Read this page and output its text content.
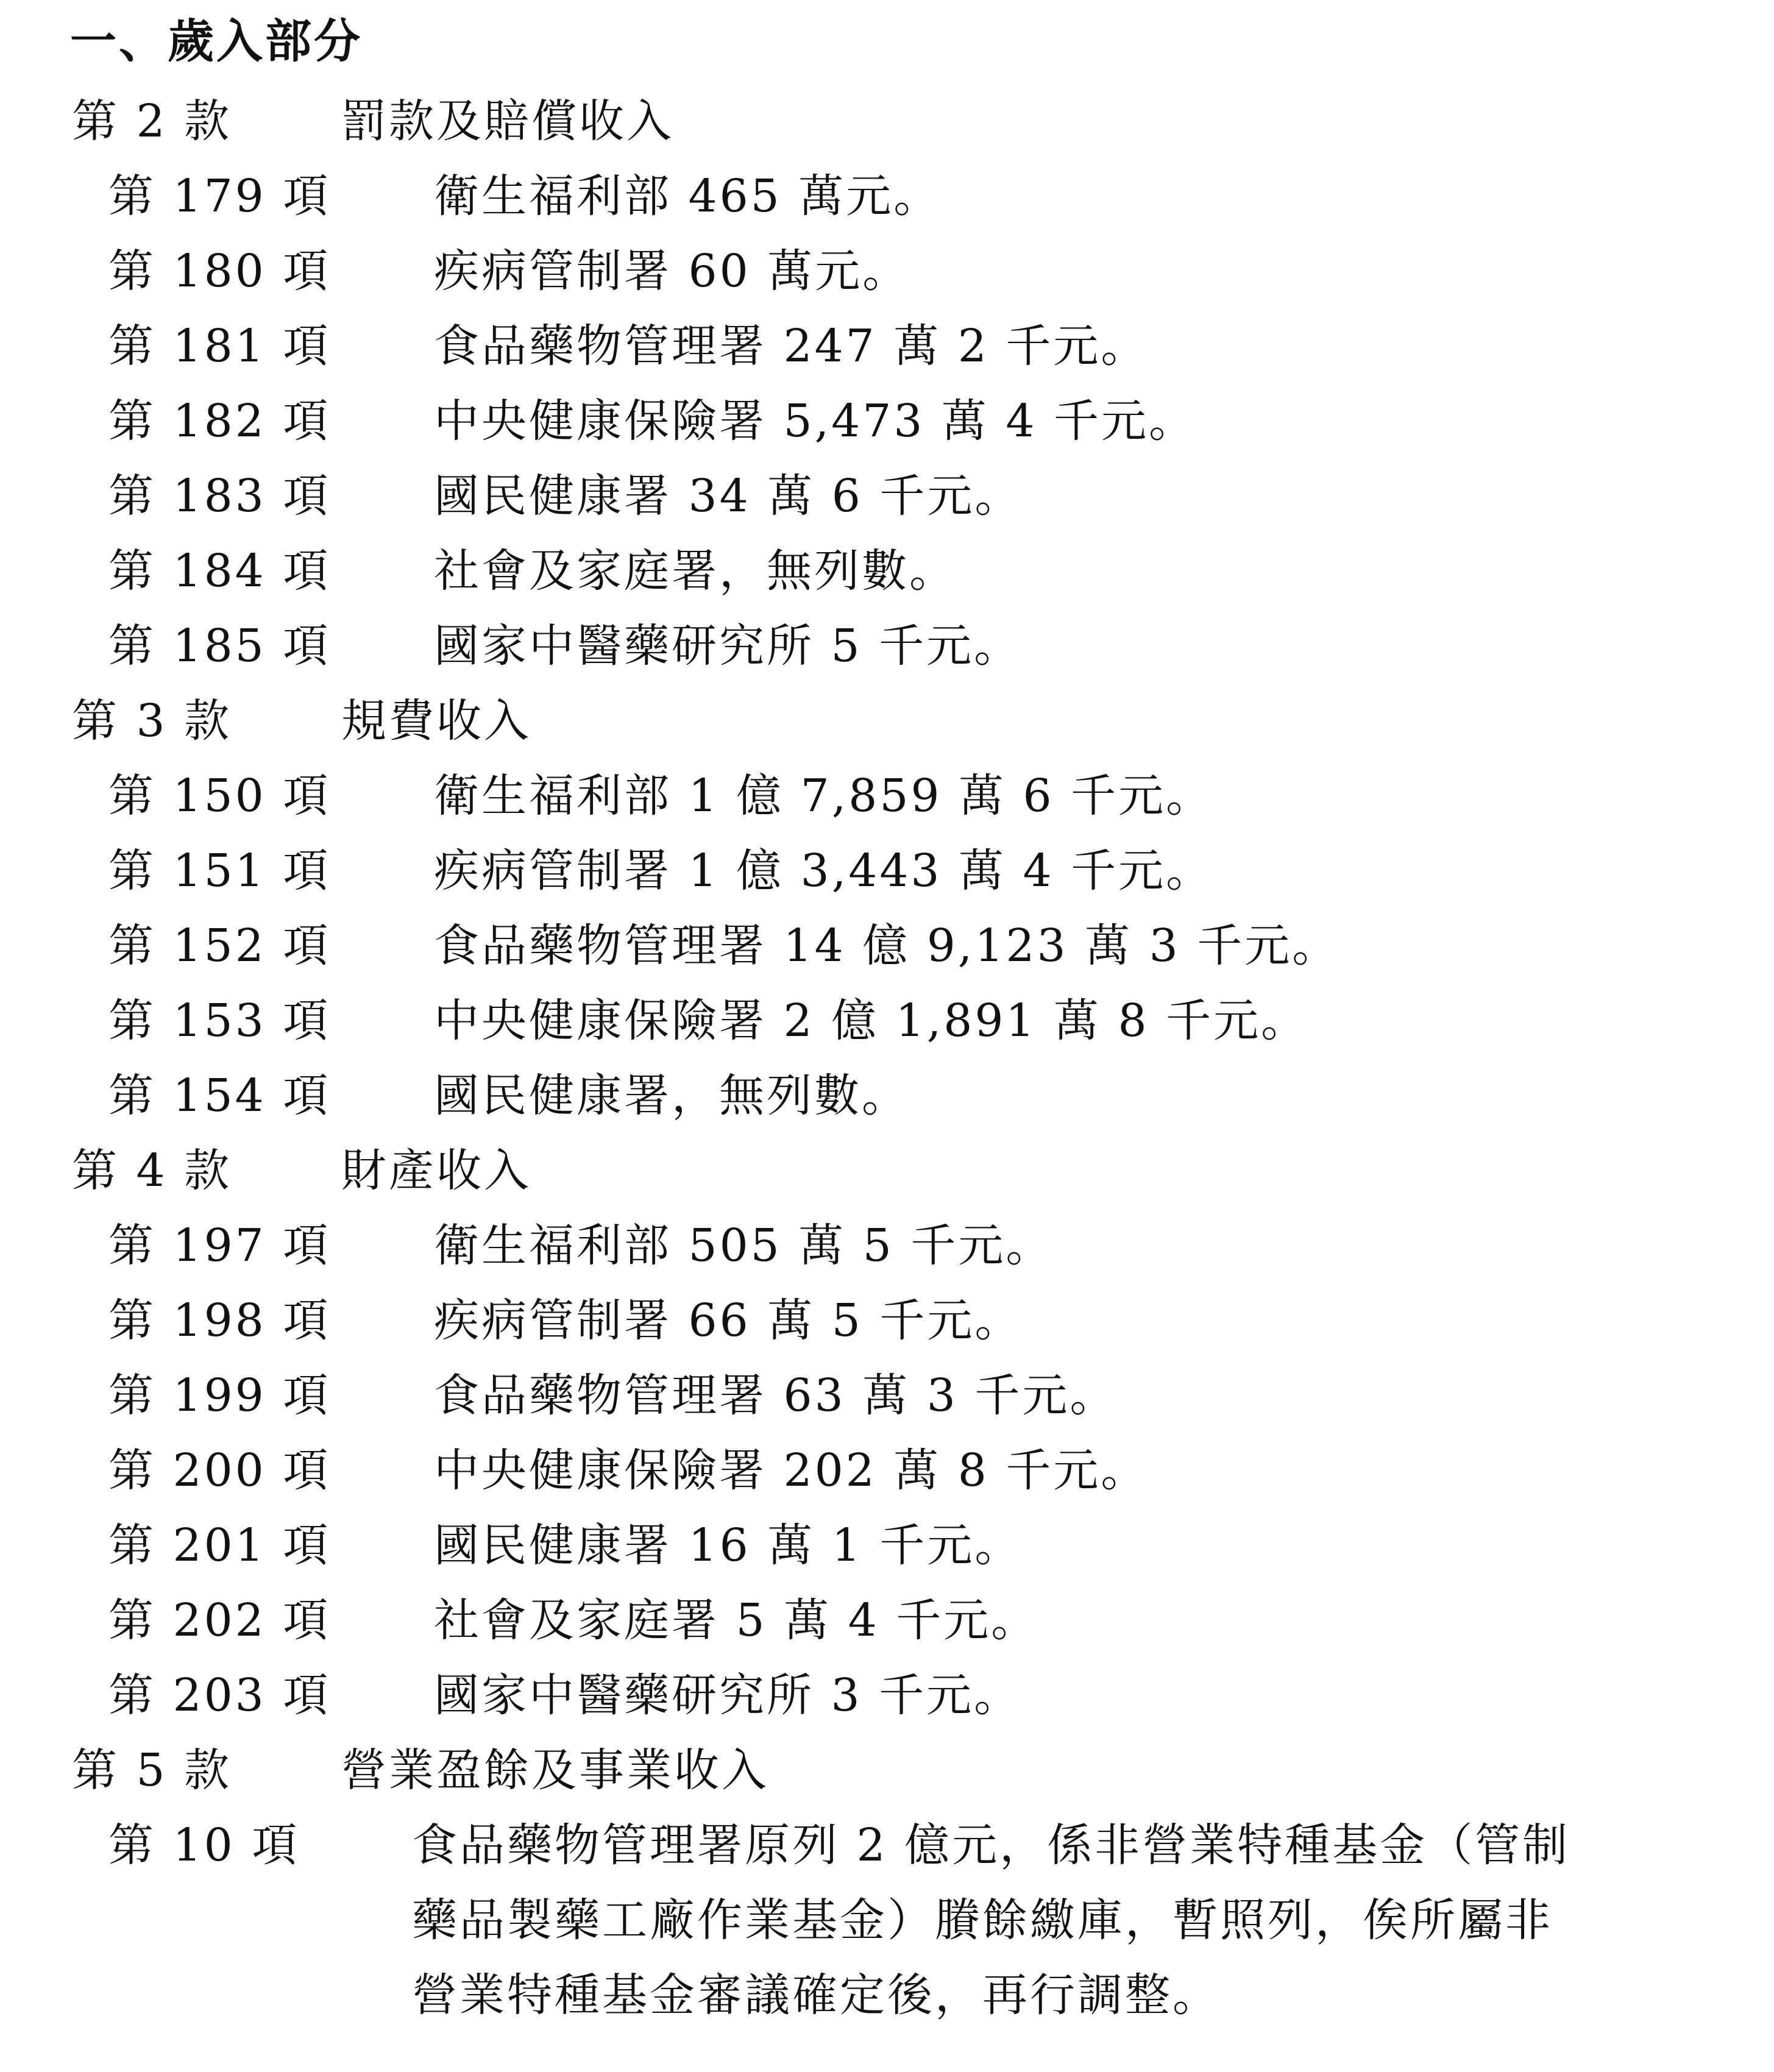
一、歲入部分
第 2 款 罰款及賠償收入
第 179 項 衛生福利部 465 萬元。
第 180 項 疾病管制署 60 萬元。
第 181 項 食品藥物管理署 247 萬 2 千元。
第 182 項 中央健康保險署 5,473 萬 4 千元。
第 183 項 國民健康署 34 萬 6 千元。
第 184 項 社會及家庭署，無列數。
第 185 項 國家中醫藥研究所 5 千元。
第 3 款 規費收入
第 150 項 衛生福利部 1 億 7,859 萬 6 千元。
第 151 項 疾病管制署 1 億 3,443 萬 4 千元。
第 152 項 食品藥物管理署 14 億 9,123 萬 3 千元。
第 153 項 中央健康保險署 2 億 1,891 萬 8 千元。
第 154 項 國民健康署，無列數。
第 4 款 財產收入
第 197 項 衛生福利部 505 萬 5 千元。
第 198 項 疾病管制署 66 萬 5 千元。
第 199 項 食品藥物管理署 63 萬 3 千元。
第 200 項 中央健康保險署 202 萬 8 千元。
第 201 項 國民健康署 16 萬 1 千元。
第 202 項 社會及家庭署 5 萬 4 千元。
第 203 項 國家中醫藥研究所 3 千元。
第 5 款 營業盈餘及事業收入
第 10 項 食品藥物管理署原列 2 億元，係非營業特種基金（管制
藥品製藥工廠作業基金）賸餘繳庫，暫照列，俟所屬非
營業特種基金審議確定後，再行調整。
